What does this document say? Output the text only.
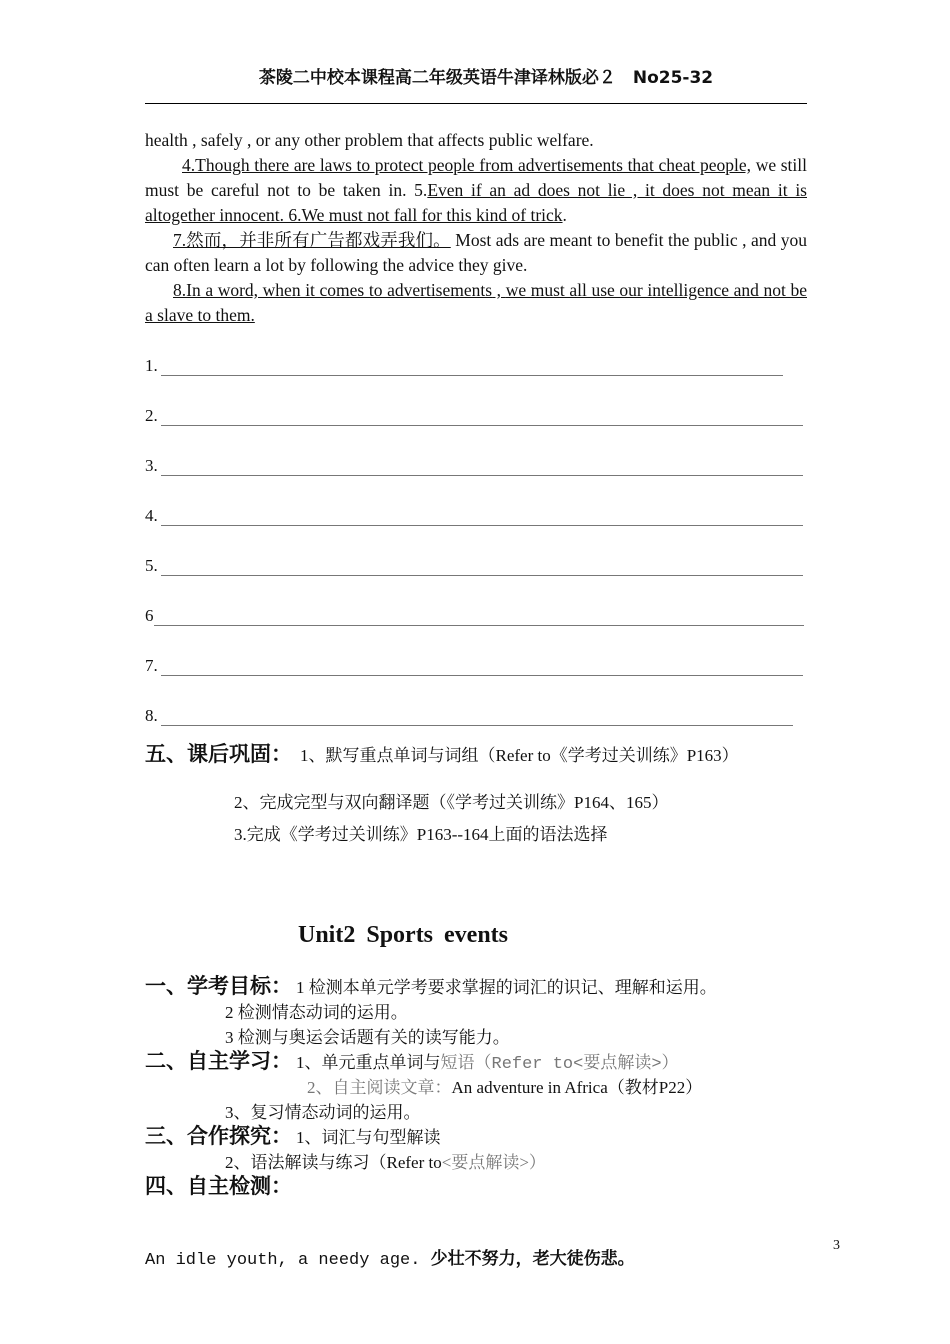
茶陵二中校本课程高二年级英语牛津译林版必２　No25-32
health , safely , or any other problem that affects public welfare.
4.Though there are laws to protect people from advertisements that cheat people, we still must be careful not to be taken in. 5.Even if an ad does not lie , it does not mean it is altogether innocent. 6.We must not fall for this kind of trick.
7.然而，并非所有广告都戏弄我们。 Most ads are meant to benefit the public , and you can often learn a lot by following the advice they give.
8.In a word, when it comes to advertisements , we must all use our intelligence and not be a slave to them.
1.
2.
3.
4.
5.
6
7.
8.
五、课后巩固： 1、默写重点单词与词组（Refer to《学考过关训练》P163）
2、完成完型与双向翻译题（《学考过关训练》P164、165）
3.完成《学考过关训练》P163--164上面的语法选择
Unit2 Sports events
一、学考目标： 1 检测本单元学考要求掌握的词汇的识记、理解和运用。
2 检测情态动词的运用。
3 检测与奥运会话题有关的读写能力。
二、自主学习： 1、单元重点单词与短语（Refer to<要点解读>）
2、自主阅读文章：An adventure in Africa（教材P22）
3、复习情态动词的运用。
三、合作探究： 1、词汇与句型解读
2、语法解读与练习（Refer to<要点解读>）
四、自主检测：
An idle youth, a needy age. 少壮不努力，老大徒伤悲。
3
